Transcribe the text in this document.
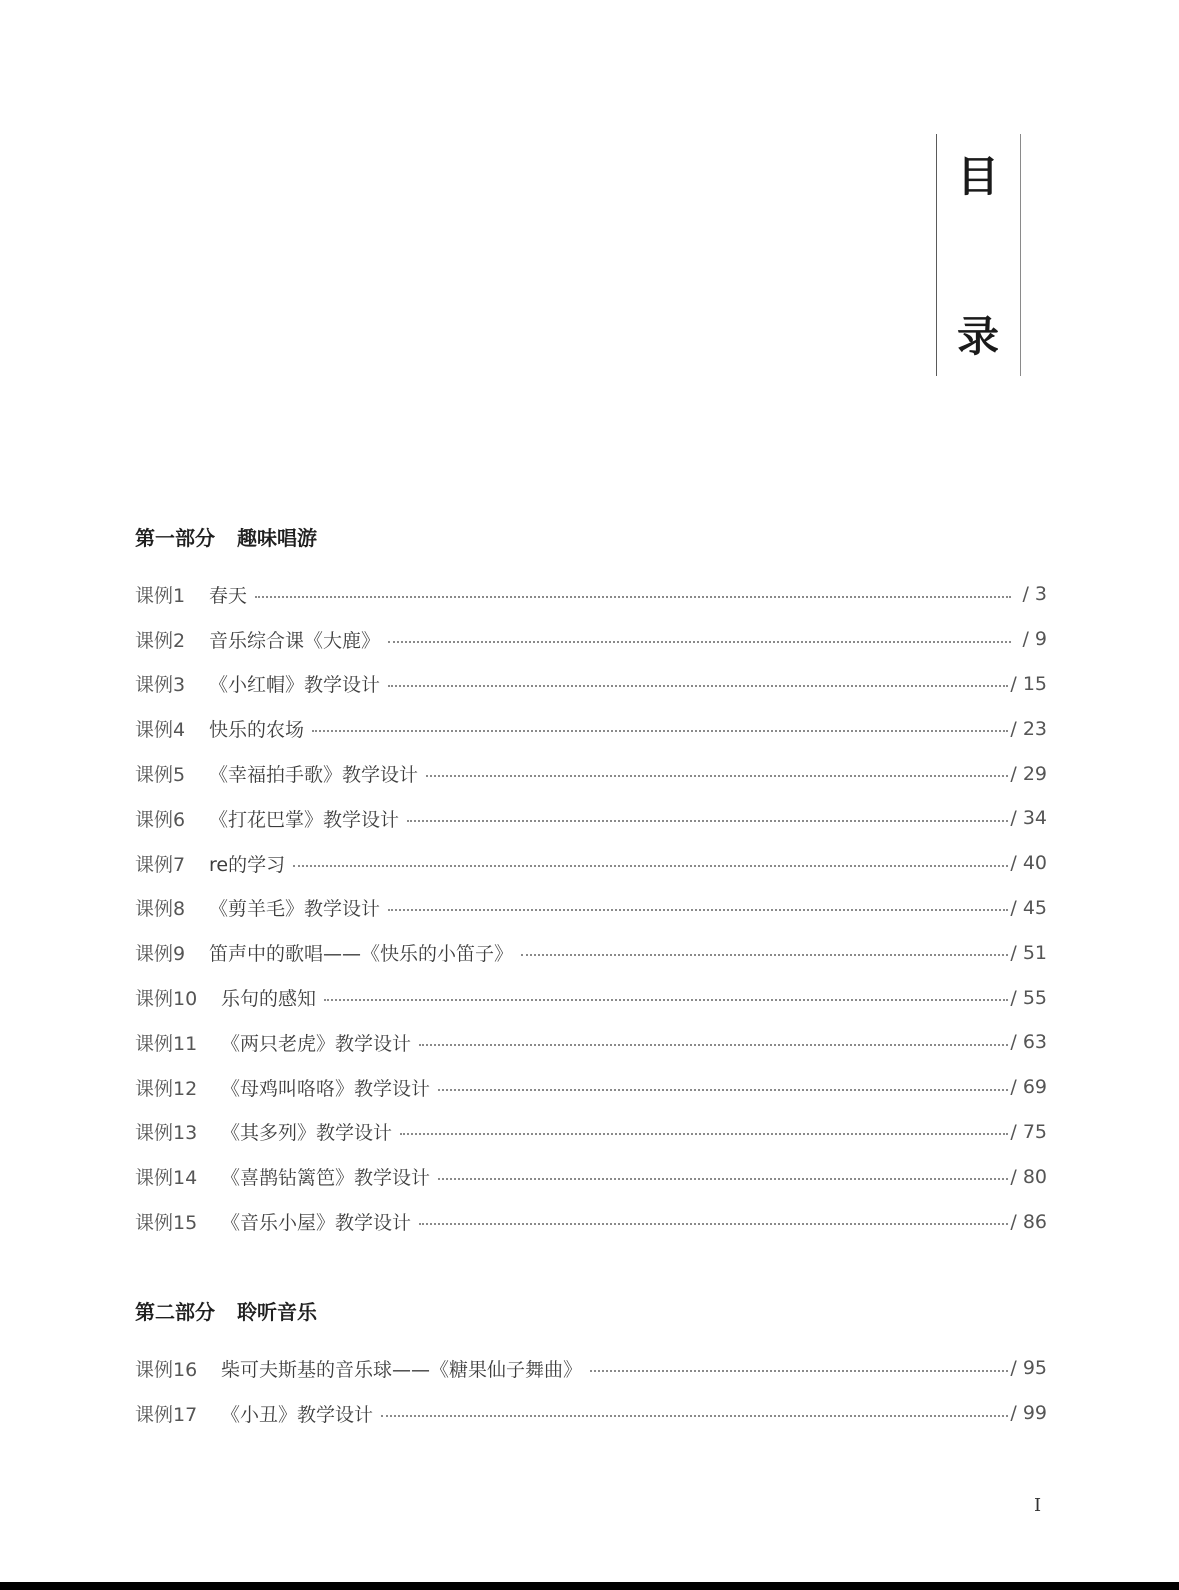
目
录
第一部分 趣味唱游
课例1	春天	/ 3
课例2	音乐综合课《大鹿》	/ 9
课例3	《小红帽》教学设计	/ 15
课例4	快乐的农场	/ 23
课例5	《幸福拍手歌》教学设计	/ 29
课例6	《打花巴掌》教学设计	/ 34
课例7	re的学习	/ 40
课例8	《剪羊毛》教学设计	/ 45
课例9	笛声中的歌唱——《快乐的小笛子》	/ 51
课例10	乐句的感知	/ 55
课例11	《两只老虎》教学设计	/ 63
课例12	《母鸡叫咯咯》教学设计	/ 69
课例13	《其多列》教学设计	/ 75
课例14	《喜鹊钻篱笆》教学设计	/ 80
课例15	《音乐小屋》教学设计	/ 86
第二部分 聆听音乐
课例16	柴可夫斯基的音乐球——《糖果仙子舞曲》	/ 95
课例17	《小丑》教学设计	/ 99
I
